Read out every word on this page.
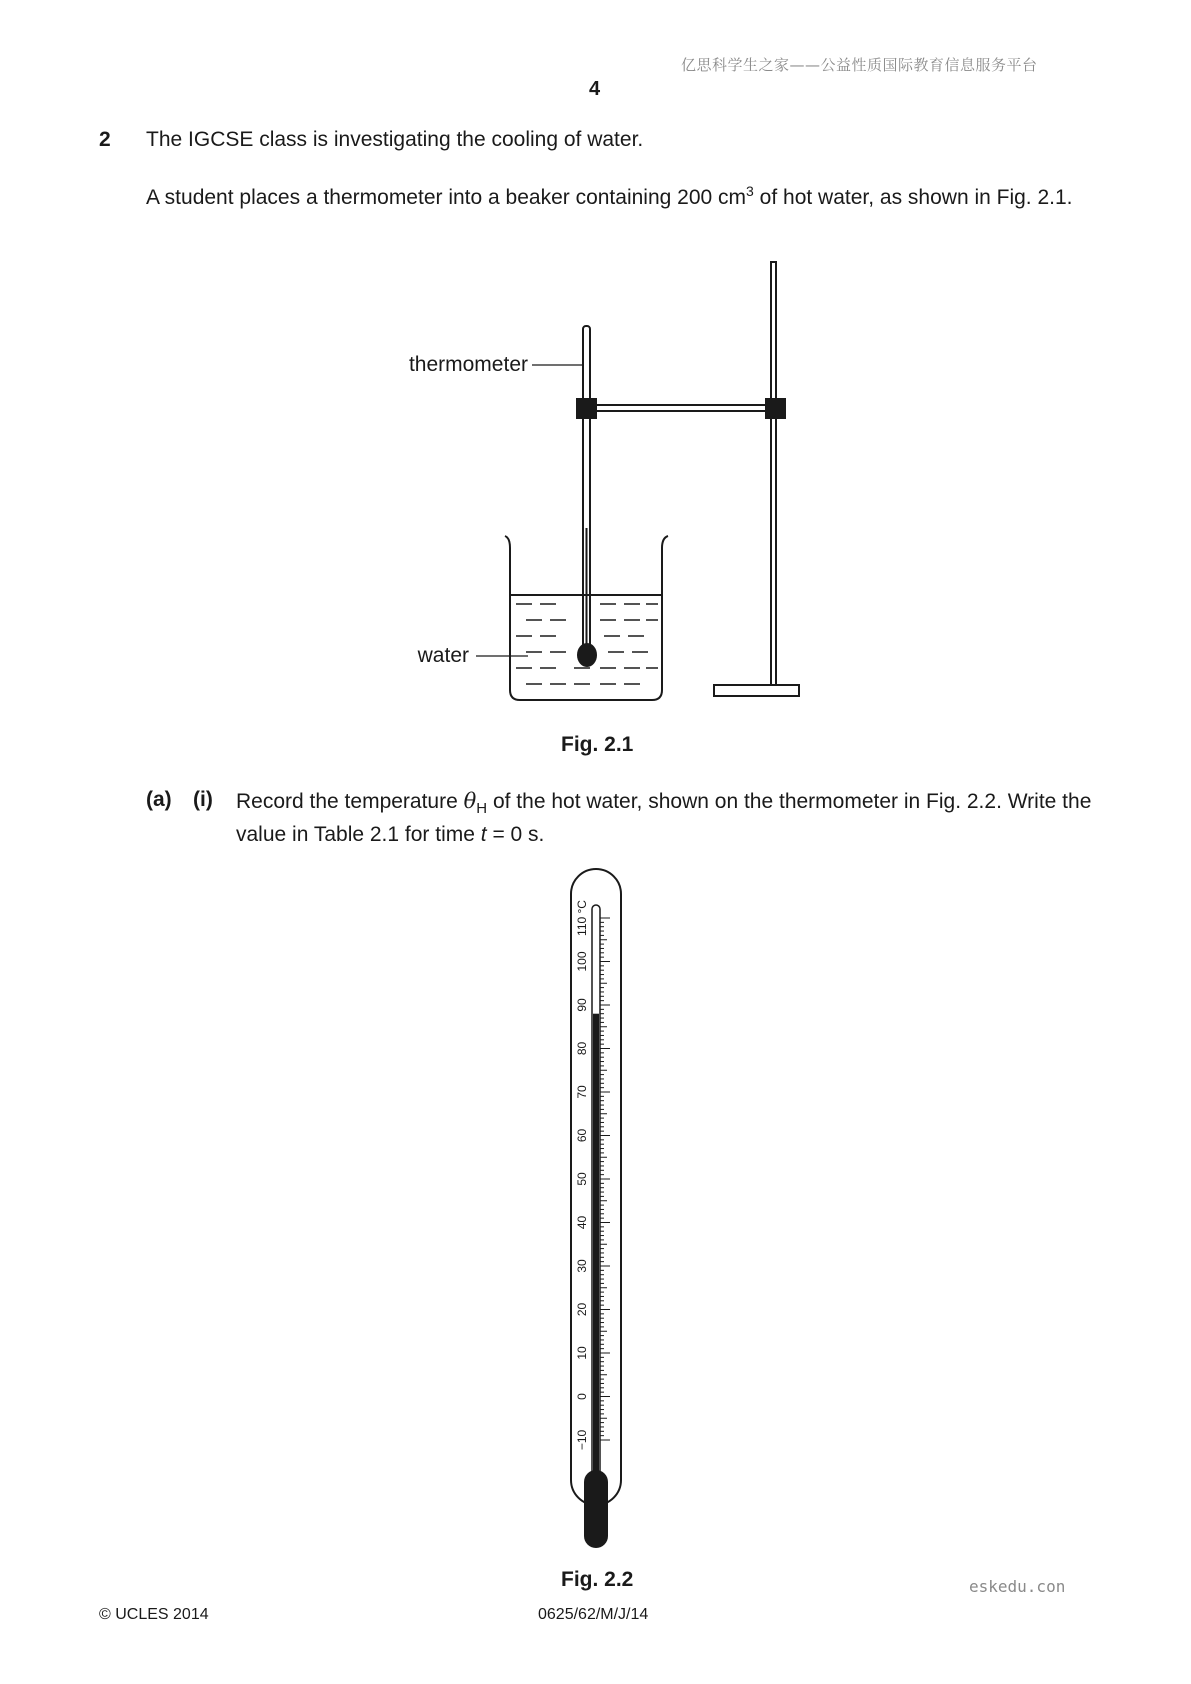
亿思科学生之家——公益性质国际教育信息服务平台
4
2 The IGCSE class is investigating the cooling of water.
A student places a thermometer into a beaker containing 200 $cm^3$ of hot water, as shown in Fig. 2.1.
thermometer
water
Fig. 2.1
(a) (i) Record the temperature $\theta_H$ of the hot water, shown on the thermometer in Fig. 2.2. Write the value in Table 2.1 for time t = 0 s.
−10
0
10
20
30
40
50
60
70
80
90
100
110 °C
Fig. 2.2
© UCLES 2014	0625/62/M/J/14
eskedu.con
